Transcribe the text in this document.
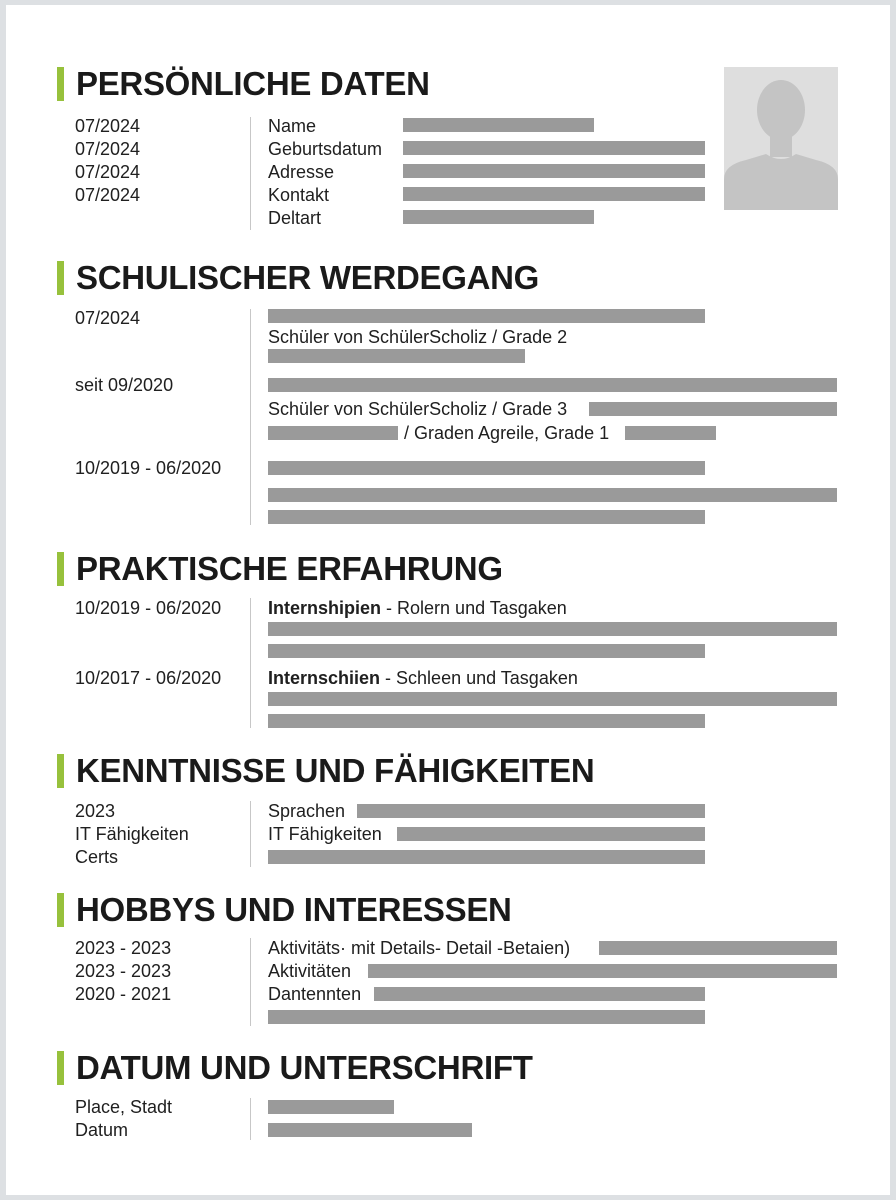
PERSÖNLICHE DATEN
07/2024
07/2024
07/2024
07/2024
Name
Geburtsdatum
Adresse
Kontakt
Deltart
SCHULISCHER WERDEGANG
07/2024
Schüler von SchülerScholiz / Grade 2
seit 09/2020
Schüler von SchülerScholiz / Grade 3
/ Graden Agreile, Grade 1
10/2019 - 06/2020
PRAKTISCHE ERFAHRUNG
10/2019 - 06/2020	Internshipien - Rolern und Tasgaken
10/2017 - 06/2020	Internschiien - Schleen und Tasgaken
KENNTNISSE UND FÄHIGKEITEN
2023
IT Fähigkeiten
Certs
Sprachen
IT Fähigkeiten
HOBBYS UND INTERESSEN
2023 - 2023
2023 - 2023
2020 - 2021
Aktivitäts· mit Details- Detail -Betaien)
Aktivitäten
Dantennten
DATUM UND UNTERSCHRIFT
Place, Stadt
Datum
